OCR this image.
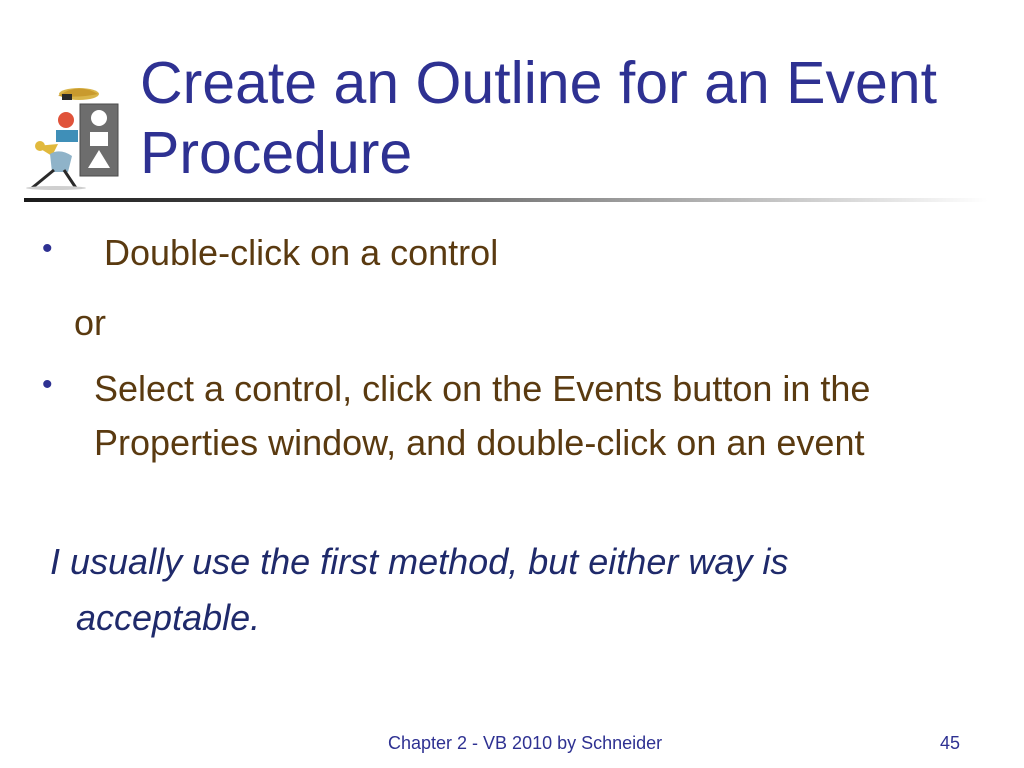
Create an Outline for an Event Procedure
• Double-click on a control
or
• Select a control, click on the Events button in the Properties window, and double-click on an event
I usually use the first method, but either way is
acceptable.
Chapter 2 - VB 2010 by Schneider	45
